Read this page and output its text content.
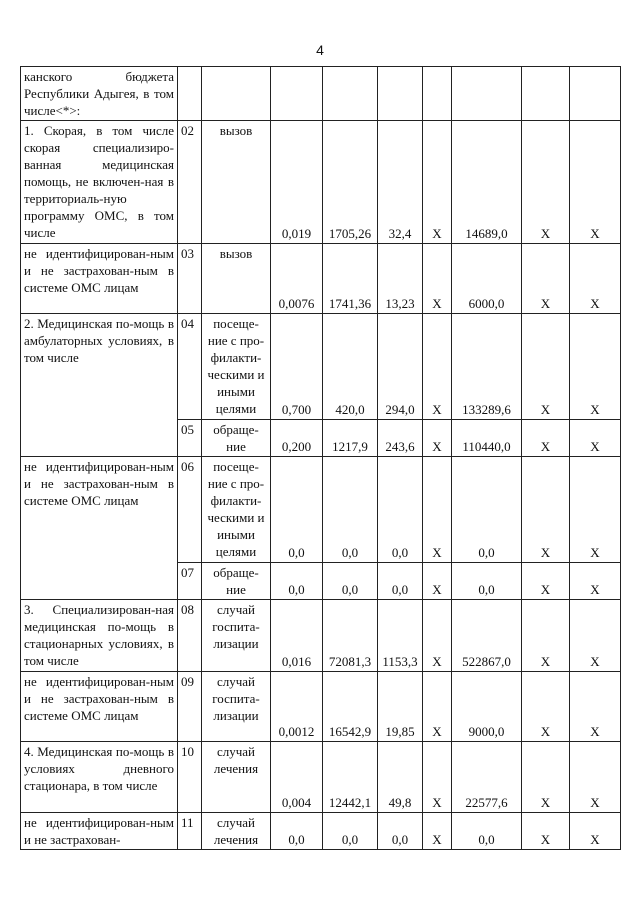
4
канского бюджета Республики Адыгея, в том числе<*>:									
1. Скорая, в том числе скорая специализиро-ванная медицинская помощь, не включен-ная в территориаль-ную программу ОМС, в том числе	02	вызов	0,019	1705,26	32,4	X	14689,0	X	X
не идентифицирован-ным и не застрахован-ным в системе ОМС лицам	03	вызов	0,0076	1741,36	13,23	X	6000,0	X	X
2. Медицинская по-мощь в амбулаторных условиях, в том числе	04	посеще-ние с про-филакти-ческими и иными целями	0,700	420,0	294,0	X	133289,6	X	X
	05	обраще-ние	0,200	1217,9	243,6	X	110440,0	X	X
не идентифицирован-ным и не застрахован-ным в системе ОМС лицам	06	посеще-ние с про-филакти-ческими и иными целями	0,0	0,0	0,0	X	0,0	X	X
	07	обраще-ние	0,0	0,0	0,0	X	0,0	X	X
3. Специализирован-ная медицинская по-мощь в стационарных условиях, в том числе	08	случай госпита-лизации	0,016	72081,3	1153,3	X	522867,0	X	X
не идентифицирован-ным и не застрахован-ным в системе ОМС лицам	09	случай госпита-лизации	0,0012	16542,9	19,85	X	9000,0	X	X
4. Медицинская по-мощь в условиях дневного стационара, в том числе	10	случай лечения	0,004	12442,1	49,8	X	22577,6	X	X
не идентифицирован-ным и не застрахован-	11	случай лечения	0,0	0,0	0,0	X	0,0	X	X
